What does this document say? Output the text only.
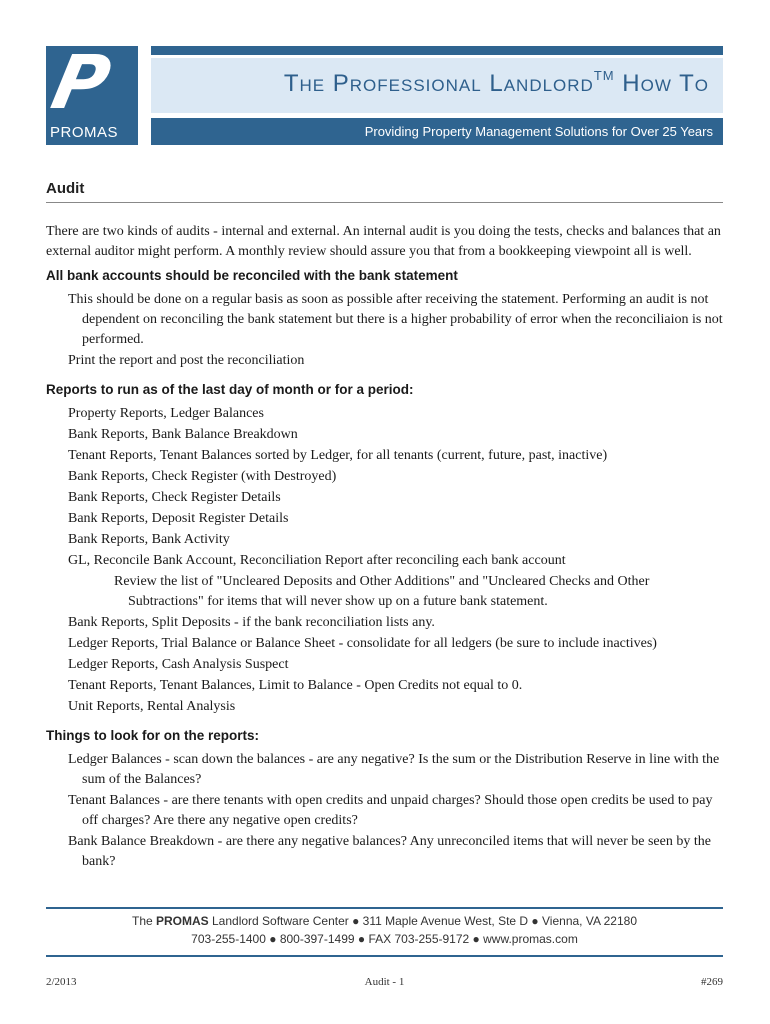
P
PROMAS
The Professional Landlord™ How To
Providing Property Management Solutions for Over 25 Years
Audit

There are two kinds of audits - internal and external. An internal audit is you doing the tests, checks and balances that an external auditor might perform. A monthly review should assure you that from a bookkeeping viewpoint all is well.

All bank accounts should be reconciled with the bank statement

This should be done on a regular basis as soon as possible after receiving the statement. Performing an audit is not dependent on reconciling the bank statement but there is a higher probability of error when the reconciliaion is not performed.

Print the report and post the reconciliation

Reports to run as of the last day of month or for a period:

Property Reports, Ledger Balances

Bank Reports, Bank Balance Breakdown

Tenant Reports, Tenant Balances sorted by Ledger, for all tenants (current, future, past, inactive)

Bank Reports, Check Register (with Destroyed)

Bank Reports, Check Register Details

Bank Reports, Deposit Register Details

Bank Reports, Bank Activity

GL, Reconcile Bank Account, Reconciliation Report after reconciling each bank account

Review the list of "Uncleared Deposits and Other Additions" and "Uncleared Checks and Other Subtractions" for items that will never show up on a future bank statement.

Bank Reports, Split Deposits - if the bank reconciliation lists any.

Ledger Reports, Trial Balance or Balance Sheet - consolidate for all ledgers (be sure to include inactives)

Ledger Reports, Cash Analysis Suspect

Tenant Reports, Tenant Balances, Limit to Balance - Open Credits not equal to 0.

Unit Reports, Rental Analysis

Things to look for on the reports:

Ledger Balances - scan down the balances - are any negative? Is the sum or the Distribution Reserve in line with the sum of the Balances?

Tenant Balances - are there tenants with open credits and unpaid charges? Should those open credits be used to pay off charges? Are there any negative open credits?

Bank Balance Breakdown - are there any negative balances? Any unreconciled items that will never be seen by the bank?

The PROMAS Landlord Software Center ● 311 Maple Avenue West, Ste D ● Vienna, VA 22180
703-255-1400 ● 800-397-1499 ● FAX 703-255-9172 ● www.promas.com
2/2013	Audit - 1	#269
